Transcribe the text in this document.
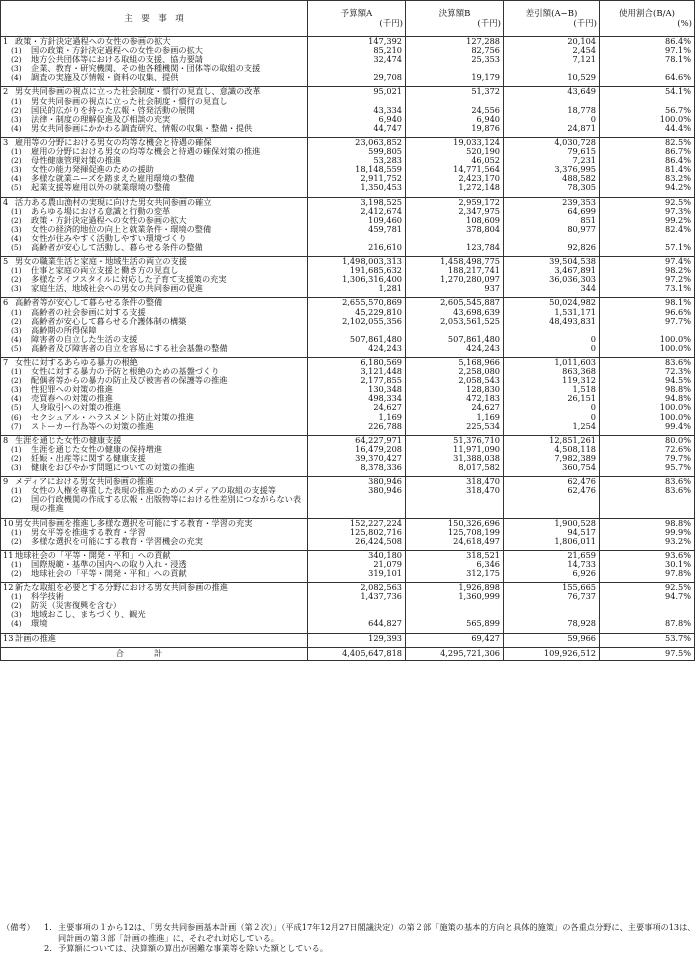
主　要　事　項	予算額A
(千円)	決算額B
(千円)	差引額(A−B)
(千円)	使用割合(B/A)
(%)

1 政策・方針決定過程への女性の参画の拡大	147,392	127,288	20,104	86.4%

(1) 国の政策・方針決定過程への女性の参画の拡大	85,210	82,756	2,454	97.1%

(2) 地方公共団体等における取組の支援、協力要請	32,474	25,353	7,121	78.1%

(3) 企業、教育・研究機関、その他各種機関・団体等の取組の支援				

(4) 調査の実施及び情報・資料の収集、提供	29,708	19,179	10,529	64.6%

2 男女共同参画の視点に立った社会制度・慣行の見直し、意識の改革	95,021	51,372	43,649	54.1%

(1) 男女共同参画の視点に立った社会制度・慣行の見直し				

(2) 国民的広がりを持った広報・啓発活動の展開	43,334	24,556	18,778	56.7%

(3) 法律・制度の理解促進及び相談の充実	6,940	6,940	0	100.0%

(4) 男女共同参画にかかわる調査研究、情報の収集・整備・提供	44,747	19,876	24,871	44.4%

3 雇用等の分野における男女の均等な機会と待遇の確保	23,063,852	19,033,124	4,030,728	82.5%

(1) 雇用の分野における男女の均等な機会と待遇の確保対策の推進	599,805	520,190	79,615	86.7%

(2) 母性健康管理対策の推進	53,283	46,052	7,231	86.4%

(3) 女性の能力発揮促進のための援助	18,148,559	14,771,564	3,376,995	81.4%

(4) 多様な就業ニーズを踏まえた雇用環境の整備	2,911,752	2,423,170	488,582	83.2%

(5) 起業支援等雇用以外の就業環境の整備	1,350,453	1,272,148	78,305	94.2%

4 活力ある農山漁村の実現に向けた男女共同参画の確立	3,198,525	2,959,172	239,353	92.5%

(1) あらゆる場における意識と行動の変革	2,412,674	2,347,975	64,699	97.3%

(2) 政策・方針決定過程への女性の参画の拡大	109,460	108,609	851	99.2%

(3) 女性の経済的地位の向上と就業条件・環境の整備	459,781	378,804	80,977	82.4%

(4) 女性が住みやすく活動しやすい環境づくり				

(5) 高齢者が安心して活動し、暮らせる条件の整備	216,610	123,784	92,826	57.1%

5 男女の職業生活と家庭・地域生活の両立の支援	1,498,003,313	1,458,498,775	39,504,538	97.4%

(1) 仕事と家庭の両立支援と働き方の見直し	191,685,632	188,217,741	3,467,891	98.2%

(2) 多様なライフスタイルに対応した子育て支援策の充実	1,306,316,400	1,270,280,097	36,036,303	97.2%

(3) 家庭生活、地域社会への男女の共同参画の促進	1,281	937	344	73.1%

6 高齢者等が安心して暮らせる条件の整備	2,655,570,869	2,605,545,887	50,024,982	98.1%

(1) 高齢者の社会参画に対する支援	45,229,810	43,698,639	1,531,171	96.6%

(2) 高齢者が安心して暮らせる介護体制の構築	2,102,055,356	2,053,561,525	48,493,831	97.7%

(3) 高齢期の所得保障				

(4) 障害者の自立した生活の支援	507,861,480	507,861,480	0	100.0%

(5) 高齢者及び障害者の自立を容易にする社会基盤の整備	424,243	424,243	0	100.0%

7 女性に対するあらゆる暴力の根絶	6,180,569	5,168,966	1,011,603	83.6%

(1) 女性に対する暴力の予防と根絶のための基盤づくり	3,121,448	2,258,080	863,368	72.3%

(2) 配偶者等からの暴力の防止及び被害者の保護等の推進	2,177,855	2,058,543	119,312	94.5%

(3) 性犯罪への対策の推進	130,348	128,830	1,518	98.8%

(4) 売買春への対策の推進	498,334	472,183	26,151	94.8%

(5) 人身取引への対策の推進	24,627	24,627	0	100.0%

(6) セクシュアル・ハラスメント防止対策の推進	1,169	1,169	0	100.0%

(7) ストーカー行為等への対策の推進	226,788	225,534	1,254	99.4%

8 生涯を通じた女性の健康支援	64,227,971	51,376,710	12,851,261	80.0%

(1) 生涯を通じた女性の健康の保持増進	16,479,208	11,971,090	4,508,118	72.6%

(2) 妊娠・出産等に関する健康支援	39,370,427	31,388,038	7,982,389	79.7%

(3) 健康をおびやかす問題についての対策の推進	8,378,336	8,017,582	360,754	95.7%

9 メディアにおける男女共同参画の推進	380,946	318,470	62,476	83.6%

(1) 女性の人権を尊重した表現の推進のためのメディアの取組の支援等	380,946	318,470	62,476	83.6%

(2) 国の行政機関の作成する広報・出版物等における性差別につながらない表現の推進				

10 男女共同参画を推進し多様な選択を可能にする教育・学習の充実	152,227,224	150,326,696	1,900,528	98.8%

(1) 男女平等を推進する教育・学習	125,802,716	125,708,199	94,517	99.9%

(2) 多様な選択を可能にする教育・学習機会の充実	26,424,508	24,618,497	1,806,011	93.2%

11 地球社会の「平等・開発・平和」への貢献	340,180	318,521	21,659	93.6%

(1) 国際規範・基準の国内への取り入れ・浸透	21,079	6,346	14,733	30.1%

(2) 地球社会の「平等・開発・平和」への貢献	319,101	312,175	6,926	97.8%

12 新たな取組を必要とする分野における男女共同参画の推進	2,082,563	1,926,898	155,665	92.5%

(1) 科学技術	1,437,736	1,360,999	76,737	94.7%

(2) 防災（災害復興を含む）				

(3) 地域おこし、まちづくり、観光				

(4) 環境	644,827	565,899	78,928	87.8%

13 計画の推進	129,393	69,427	59,966	53.7%

合計	4,405,647,818	4,295,721,306	109,926,512	97.5%
（備考）	1. 主要事項の１から12は、「男女共同参画基本計画（第２次）」（平成17年12月27日閣議決定）の第２部「施策の基本的方向と具体的施策」の各重点分野に、主要事項の13は、同計画の第３部「計画の推進」に、それぞれ対応している。
2. 予算額については、決算額の算出が困難な事業等を除いた額としている。
